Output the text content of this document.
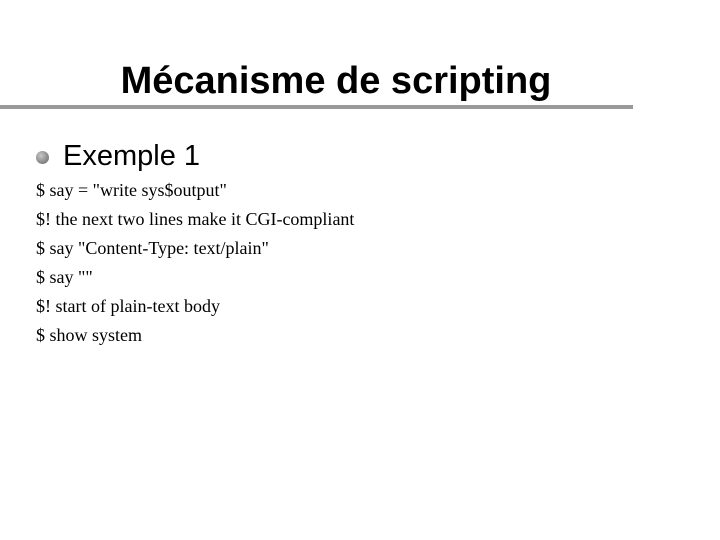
Mécanisme de scripting
Exemple 1
$ say = "write sys$output"
$! the next two lines make it CGI-compliant
$ say "Content-Type: text/plain"
$ say ""
$! start of plain-text body
$ show system
